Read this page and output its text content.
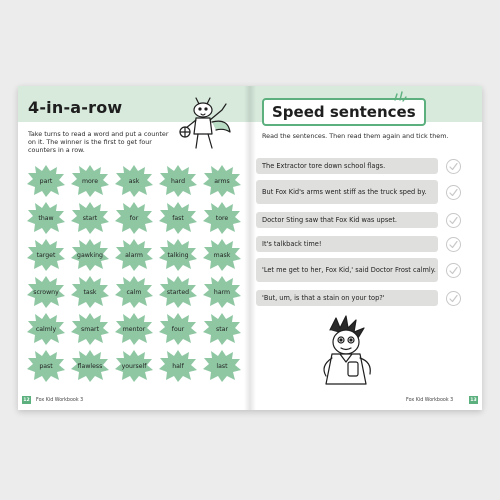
4-in-a-row
Take turns to read a word and put a counter on it. The winner is the first to get four counters in a row.
part	more	ask	hard	arms
thaw	start	for	fast	tore
target	gawking	alarm	talking	mask
scrowny	task	calm	started	harm
calmly	smart	mentor	four	star
past	flawless	yourself	half	last
12 Fox Kid Workbook 3
Speed sentences
Read the sentences. Then read them again and tick them.
The Extractor tore down school flags.
But Fox Kid's arms went stiff as the truck sped by.
Doctor Sting saw that Fox Kid was upset.
It's talkback time!
'Let me get to her, Fox Kid,' said Doctor Frost calmly.
'But, um, is that a stain on your top?'
Fox Kid Workbook 3	13
